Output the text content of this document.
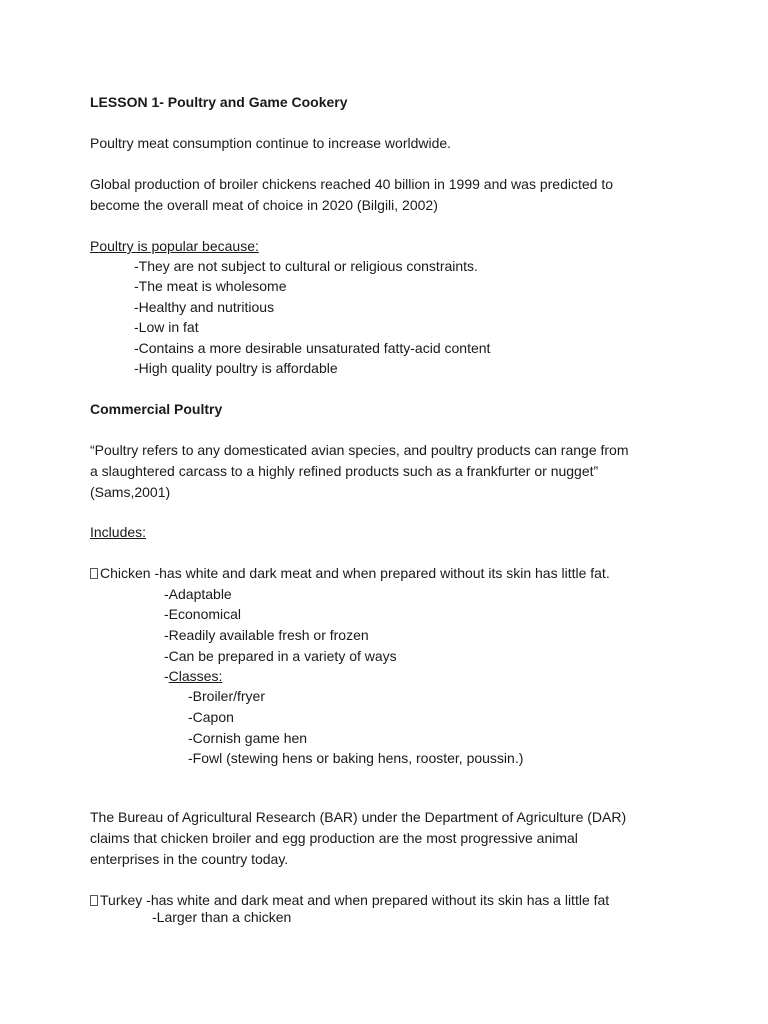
LESSON 1- Poultry and Game Cookery
Poultry meat consumption continue to increase worldwide.
Global production of broiler chickens reached 40 billion in 1999 and was predicted to
become the overall meat of choice in 2020 (Bilgili, 2002)
Poultry is popular because:
-They are not subject to cultural or religious constraints.
-The meat is wholesome
-Healthy and nutritious
-Low in fat
-Contains a more desirable unsaturated fatty-acid content
-High quality poultry is affordable
Commercial Poultry
“Poultry refers to any domesticated avian species, and poultry products can range from
a slaughtered carcass to a highly refined products such as a frankfurter or nugget”
(Sams,2001)
Includes:
Chicken -has white and dark meat and when prepared without its skin has little fat.
-Adaptable
-Economical
-Readily available fresh or frozen
-Can be prepared in a variety of ways
-Classes:
-Broiler/fryer
-Capon
-Cornish game hen
-Fowl (stewing hens or baking hens, rooster, poussin.)
The Bureau of Agricultural Research (BAR) under the Department of Agriculture (DAR)
claims that chicken broiler and egg production are the most progressive animal
enterprises in the country today.
Turkey -has white and dark meat and when prepared without its skin has a little fat
-Larger than a chicken
